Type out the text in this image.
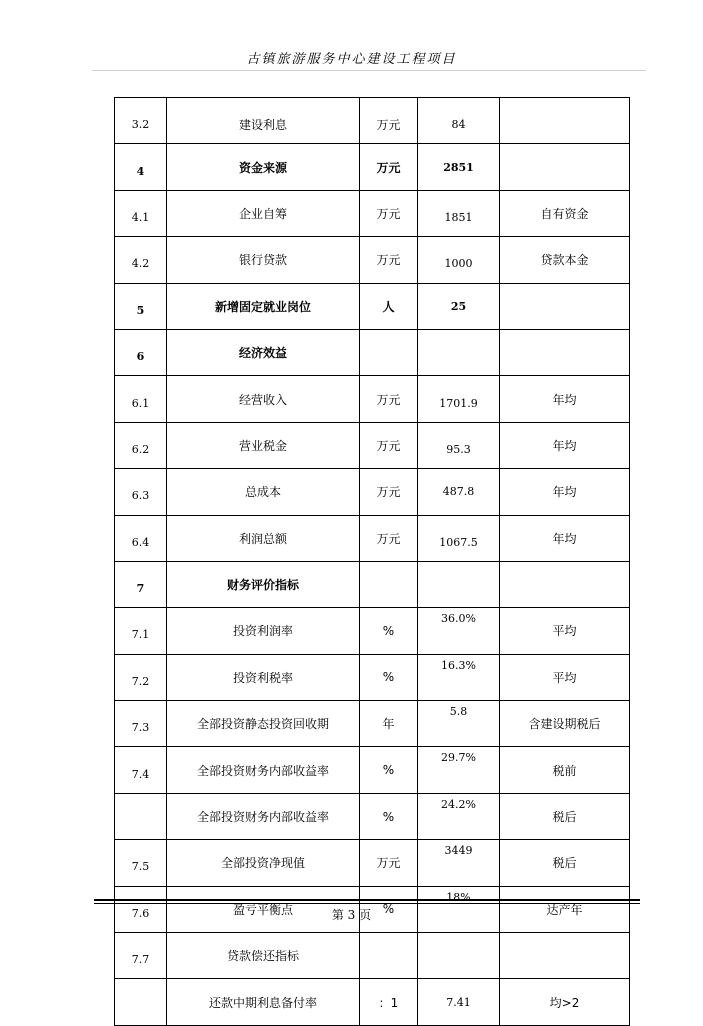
古镇旅游服务中心建设工程项目
3.2	建设利息	万元	84	
4	资金来源	万元	2851	
4.1	企业自筹	万元	1851	自有资金
4.2	银行贷款	万元	1000	贷款本金
5	新增固定就业岗位	人	25	
6	经济效益			
6.1	经营收入	万元	1701.9	年均
6.2	营业税金	万元	95.3	年均
6.3	总成本	万元	487.8	年均
6.4	利润总额	万元	1067.5	年均
7	财务评价指标			
7.1	投资利润率	%	36.0%	平均
7.2	投资利税率	%	16.3%	平均
7.3	全部投资静态投资回收期	年	5.8	含建设期税后
7.4	全部投资财务内部收益率	%	29.7%	税前
	全部投资财务内部收益率	%	24.2%	税后
7.5	全部投资净现值	万元	3449	税后
7.6	盈亏平衡点	%	18%	达产年
7.7	贷款偿还指标			
	还款中期利息备付率	：1	7.41	均>2
第 3 页
